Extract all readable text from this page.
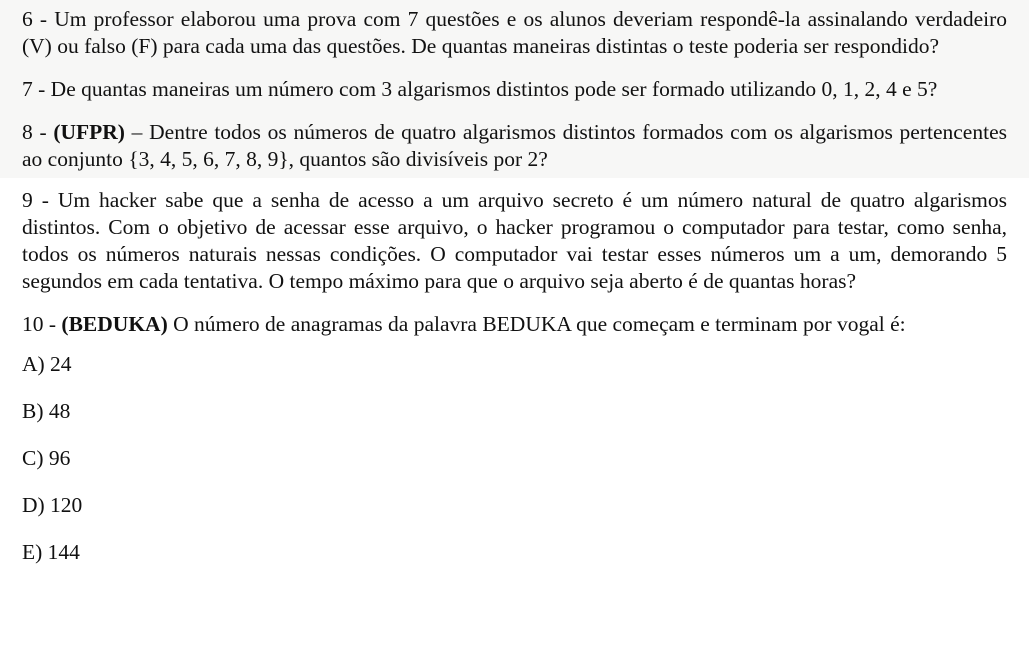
6 - Um professor elaborou uma prova com 7 questões e os alunos deveriam respondê-la assinalando verdadeiro (V) ou falso (F) para cada uma das questões. De quantas maneiras distintas o teste poderia ser respondido?

7 - De quantas maneiras um número com 3 algarismos distintos pode ser formado utilizando 0, 1, 2, 4 e 5?

8 - (UFPR) – Dentre todos os números de quatro algarismos distintos formados com os algarismos pertencentes ao conjunto {3, 4, 5, 6, 7, 8, 9}, quantos são divisíveis por 2?

9 - Um hacker sabe que a senha de acesso a um arquivo secreto é um número natural de quatro algarismos distintos. Com o objetivo de acessar esse arquivo, o hacker programou o computador para testar, como senha, todos os números naturais nessas condições. O computador vai testar esses números um a um, demorando 5 segundos em cada tentativa. O tempo máximo para que o arquivo seja aberto é de quantas horas?

10 - (BEDUKA) O número de anagramas da palavra BEDUKA que começam e terminam por vogal é:

A) 24
B) 48
C) 96
D) 120
E) 144
